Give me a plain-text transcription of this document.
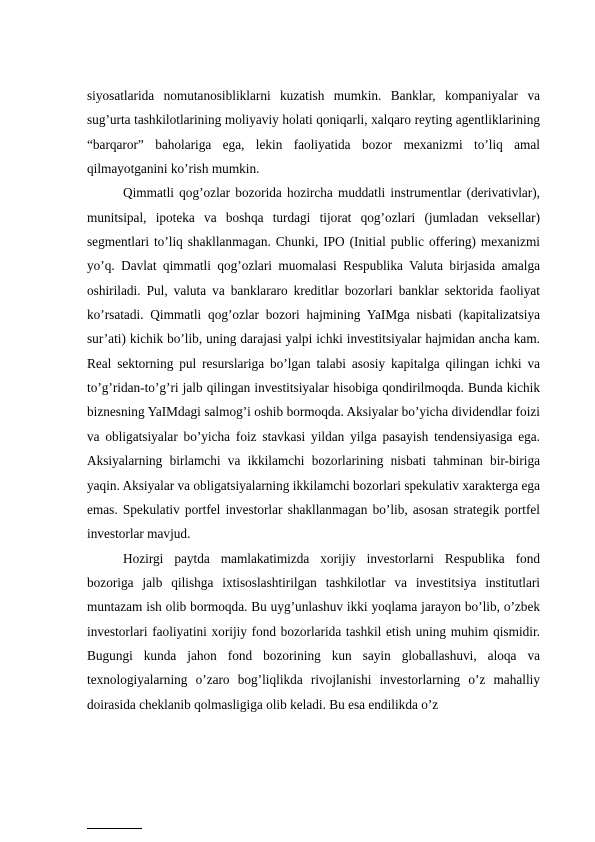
siyosatlarida nomutanosibliklarni kuzatish mumkin. Banklar, kompaniyalar va sug’urta tashkilotlarining moliyaviy holati qoniqarli, xalqaro reyting agentliklarining “barqaror” baholariga ega, lekin faoliyatida bozor mexanizmi to’liq amal qilmayotganini ko’rish mumkin.

Qimmatli qog’ozlar bozorida hozircha muddatli instrumentlar (derivativlar), munitsipal, ipoteka va boshqa turdagi tijorat qog’ozlari (jumladan veksellar) segmentlari to’liq shakllanmagan. Chunki, IPO (Initial public offering) mexanizmi yo’q. Davlat qimmatli qog’ozlari muomalasi Respublika Valuta birjasida amalga oshiriladi. Pul, valuta va banklararo kreditlar bozorlari banklar sektorida faoliyat ko’rsatadi. Qimmatli qog’ozlar bozori hajmining YaIMga nisbati (kapitalizatsiya sur’ati) kichik bo’lib, uning darajasi yalpi ichki investitsiyalar hajmidan ancha kam. Real sektorning pul resurslariga bo’lgan talabi asosiy kapitalga qilingan ichki va to’g’ridan-to’g’ri jalb qilingan investitsiyalar hisobiga qondirilmoqda. Bunda kichik biznesning YaIMdagi salmog’i oshib bormoqda. Aksiyalar bo’yicha dividendlar foizi va obligatsiyalar bo’yicha foiz stavkasi yildan yilga pasayish tendensiyasiga ega. Aksiyalarning birlamchi va ikkilamchi bozorlarining nisbati tahminan bir-biriga yaqin. Aksiyalar va obligatsiyalarning ikkilamchi bozorlari spekulativ xarakterga ega emas. Spekulativ portfel investorlar shakllanmagan bo’lib, asosan strategik portfel investorlar mavjud.

Hozirgi paytda mamlakatimizda xorijiy investorlarni Respublika fond bozoriga jalb qilishga ixtisoslashtirilgan tashkilotlar va investitsiya institutlari muntazam ish olib bormoqda. Bu uyg’unlashuv ikki yoqlama jarayon bo’lib, o’zbek investorlari faoliyatini xorijiy fond bozorlarida tashkil etish uning muhim qismidir. Bugungi kunda jahon fond bozorining kun sayin globallashuvi, aloqa va texnologiyalarning o’zaro bog’liqlikda rivojlanishi investorlarning o’z mahalliy doirasida cheklanib qolmasligiga olib keladi. Bu esa endilikda o’z
